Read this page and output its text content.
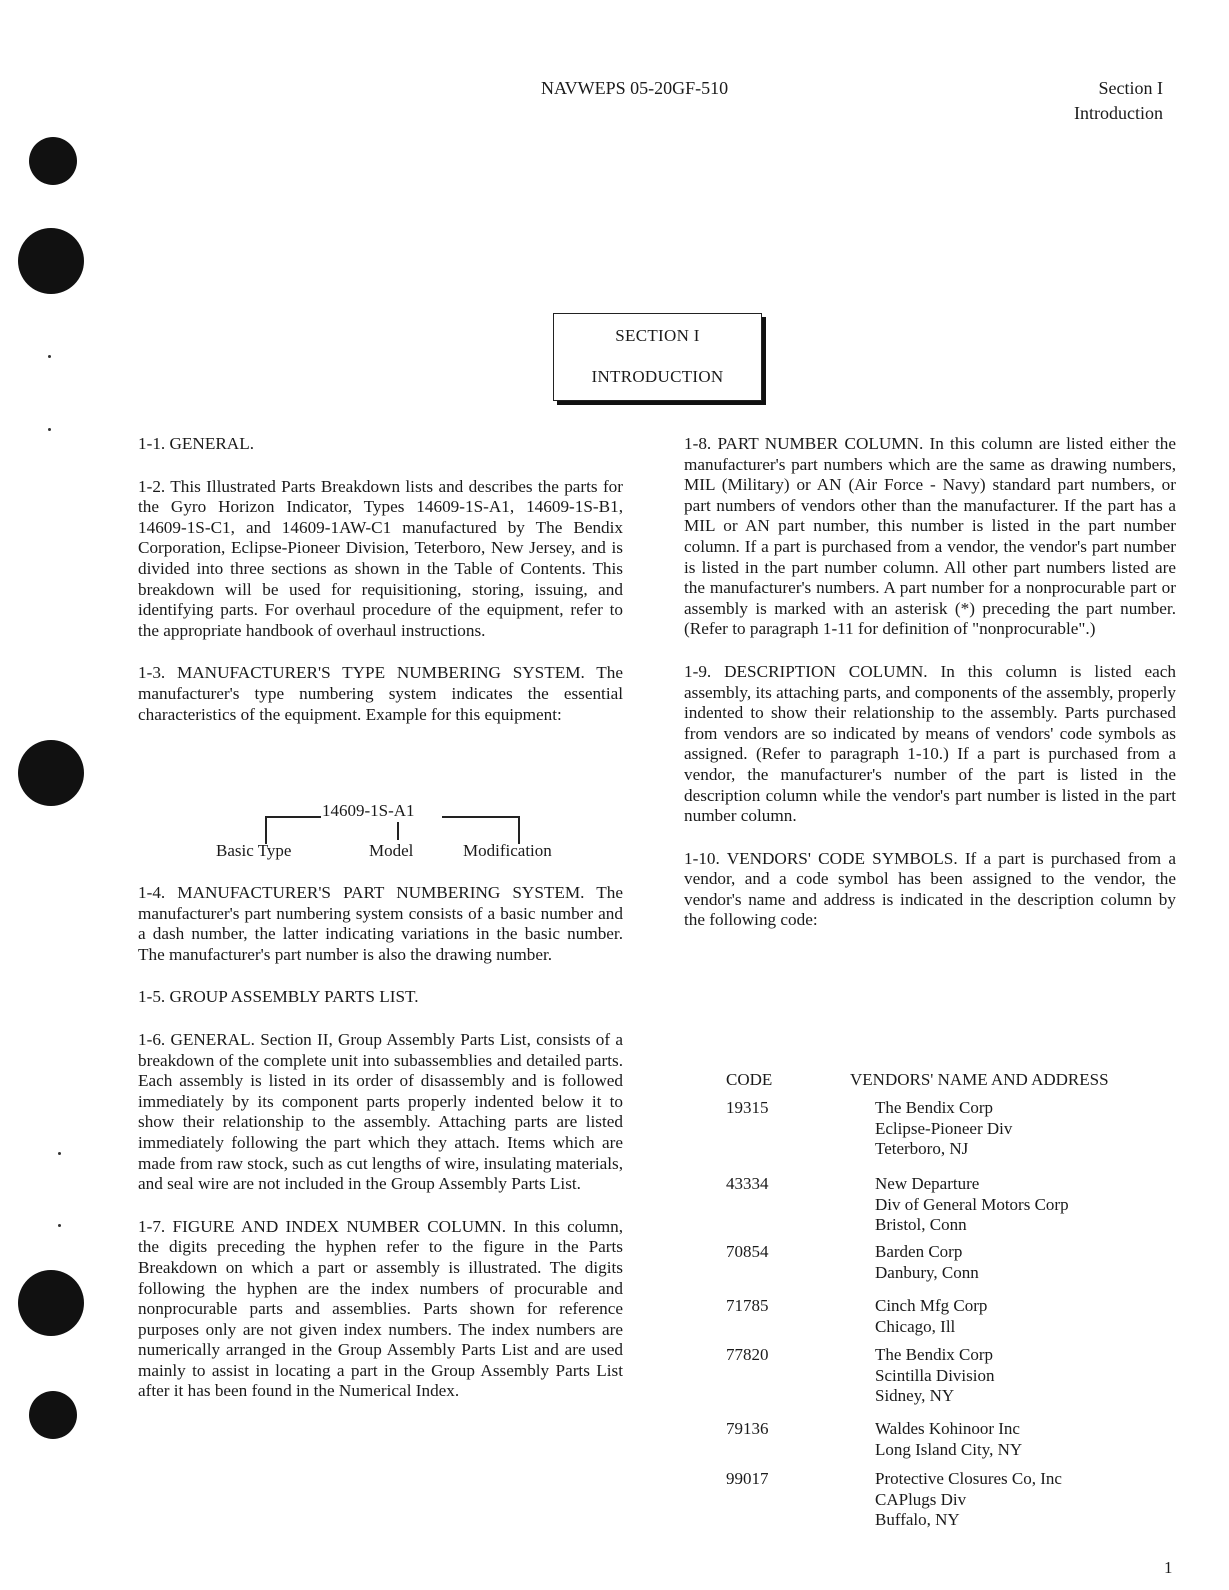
NAVWEPS 05-20GF-510	Section I
Introduction
SECTION I
INTRODUCTION

1-1. GENERAL.

1-2. This Illustrated Parts Breakdown lists and describes the parts for the Gyro Horizon Indicator, Types 14609-1S-A1, 14609-1S-B1, 14609-1S-C1, and 14609-1AW-C1 manufactured by The Bendix Corporation, Eclipse-Pioneer Division, Teterboro, New Jersey, and is divided into three sections as shown in the Table of Contents. This breakdown will be used for requisitioning, storing, issuing, and identifying parts. For overhaul procedure of the equipment, refer to the appropriate handbook of overhaul instructions.

1-3. MANUFACTURER'S TYPE NUMBERING SYSTEM. The manufacturer's type numbering system indicates the essential characteristics of the equipment. Example for this equipment:

14609-1S-A1
Basic Type	Model	Modification

1-4. MANUFACTURER'S PART NUMBERING SYSTEM. The manufacturer's part numbering system consists of a basic number and a dash number, the latter indicating variations in the basic number. The manufacturer's part number is also the drawing number.

1-5. GROUP ASSEMBLY PARTS LIST.

1-6. GENERAL. Section II, Group Assembly Parts List, consists of a breakdown of the complete unit into subassemblies and detailed parts. Each assembly is listed in its order of disassembly and is followed immediately by its component parts properly indented below it to show their relationship to the assembly. Attaching parts are listed immediately following the part which they attach. Items which are made from raw stock, such as cut lengths of wire, insulating materials, and seal wire are not included in the Group Assembly Parts List.

1-7. FIGURE AND INDEX NUMBER COLUMN. In this column, the digits preceding the hyphen refer to the figure in the Parts Breakdown on which a part or assembly is illustrated. The digits following the hyphen are the index numbers of procurable and nonprocurable parts and assemblies. Parts shown for reference purposes only are not given index numbers. The index numbers are numerically arranged in the Group Assembly Parts List and are used mainly to assist in locating a part in the Group Assembly Parts List after it has been found in the Numerical Index.

1-8. PART NUMBER COLUMN. In this column are listed either the manufacturer's part numbers which are the same as drawing numbers, MIL (Military) or AN (Air Force - Navy) standard part numbers, or part numbers of vendors other than the manufacturer. If the part has a MIL or AN part number, this number is listed in the part number column. If a part is purchased from a vendor, the vendor's part number is listed in the part number column. All other part numbers listed are the manufacturer's numbers. A part number for a nonprocurable part or assembly is marked with an asterisk (*) preceding the part number. (Refer to paragraph 1-11 for definition of "nonprocurable".)

1-9. DESCRIPTION COLUMN. In this column is listed each assembly, its attaching parts, and components of the assembly, properly indented to show their relationship to the assembly. Parts purchased from vendors are so indicated by means of vendors' code symbols as assigned. (Refer to paragraph 1-10.) If a part is purchased from a vendor, the manufacturer's number of the part is listed in the description column while the vendor's part number is listed in the part number column.

1-10. VENDORS' CODE SYMBOLS. If a part is purchased from a vendor, and a code symbol has been assigned to the vendor, the vendor's name and address is indicated in the description column by the following code:

CODE	VENDORS' NAME AND ADDRESS
19315	The Bendix Corp
Eclipse-Pioneer Div
Teterboro, NJ
43334	New Departure
Div of General Motors Corp
Bristol, Conn
70854	Barden Corp
Danbury, Conn
71785	Cinch Mfg Corp
Chicago, Ill
77820	The Bendix Corp
Scintilla Division
Sidney, NY
79136	Waldes Kohinoor Inc
Long Island City, NY
99017	Protective Closures Co, Inc
CAPlugs Div
Buffalo, NY
1
